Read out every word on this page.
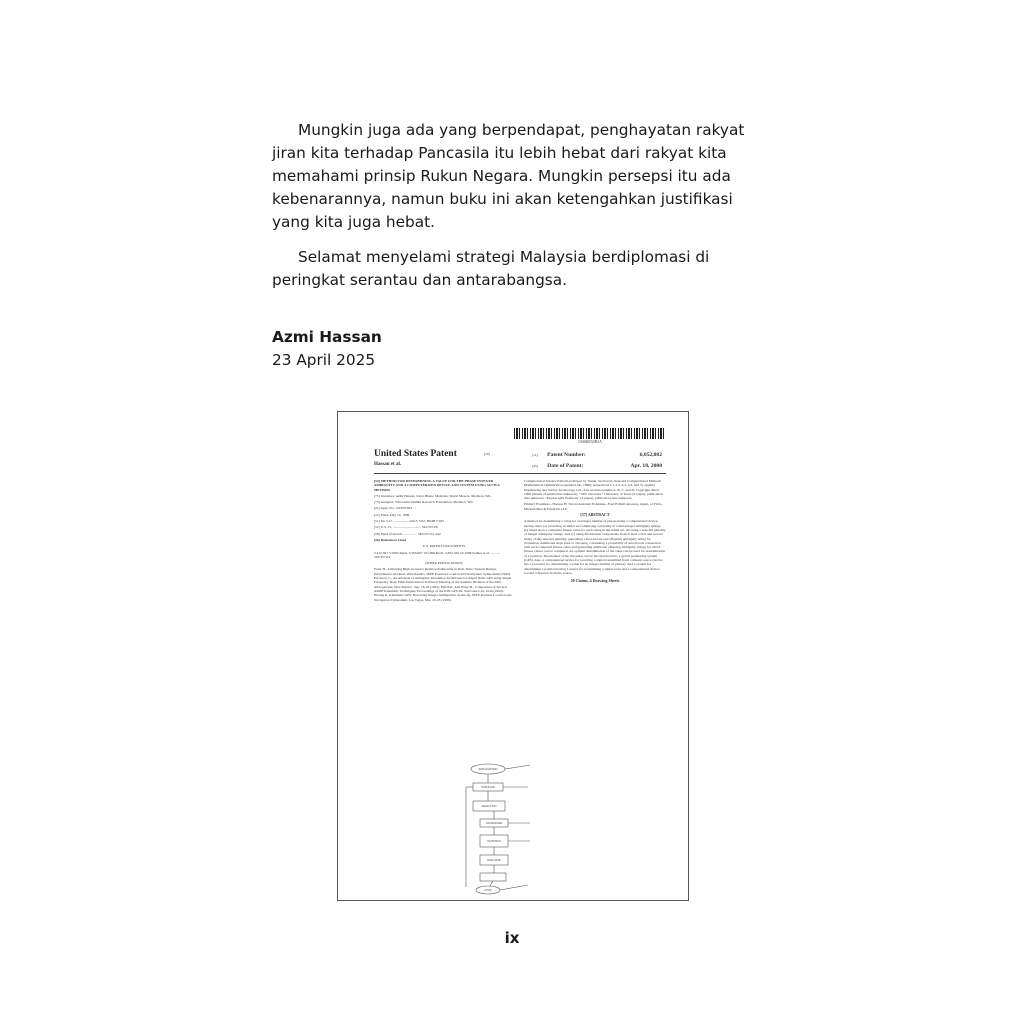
Mungkin juga ada yang berpendapat, penghayatan rakyat jiran kita terhadap Pancasila itu lebih hebat dari rakyat kita memahami prinsip Rukun Negara. Mungkin persepsi itu ada kebenarannya, namun buku ini akan ketengahkan justifikasi yang kita juga hebat.

Selamat menyelami strategi Malaysia berdiplomasi di peringkat serantau dan antarabangsa.

Azmi Hassan
23 April 2025
US006052082A
United States Patent	[19]
Hassan et al.
[11] Patent Number:	6,052,082
[45] Date of Patent:	Apr. 18, 2000
[54] METHOD FOR DETERMINING A VALUE FOR THE PHASE INTEGER AMBIGUITY AND A COMPUTERIZED DEVICE AND SYSTEM USING SUCH A METHOD
[75] Inventors: Azmi Hassan, Johor Bharu, Malaysia; David Mesera, Madison, Wis.
[73] Assignee: Wisconsin Alumni Research Foundation, Madison, Wis.
[21] Appl. No.: 09/079,823
[22] Filed: May 14, 1998
[51] Int. Cl.7 .................. G01S 5/02; H04B 7/185
[52] U.S. Cl. ................................ 342/357.06
[58] Field of Search ................ 342/357.04, 442
[56] References Cited
U.S. PATENT DOCUMENTS
5,412,391 5/1995 Ruch. 5,563,607 10/1996 Ruch. 5,825,326 10/1998 Semler et al. ........... 342/357.04
OTHER PUBLICATIONS
Euler H., Achieving High Accuracy Relative Positioning in Real-Time: System Design, Performance and Real-Time Results, IEEE Position Location and Navigation Symposium (1994). Erickson, C., An Analysis of Ambiguity Resolution Techniques for Rapid Static GPS using Single Frequency Data, Fifth International Technical Meeting of the Satellite Division of the ION, Albuquerque, New Mexico, Sep. 16-18 (1992). Hatch R. And Euler H., Comparison of Several AROF Kinematic Techniques, Proceedings of the ION GPS-94, Salt Lake City, Utah (1994). Hwang P., Kinematic GPS: Resolving Integer Ambiguities on-the-fly, IEEE Position Location and Navigation Symposium, Las Vegas, Mar. 20-23 (1990).
Computational Science Education Project by Inside, Section D--Selected Computational Methods Mathematical Optimization (updated Jan. 1996); subsections 1.1-1.3, 4.2, 4.3, and 5). Quality Engineering and Survey Technology Ltd., four sections labeled A, B, C, and D; Copyright dated 1996 (month of publication unknown). "GPS Overview" University of Texas (9 pages), publication date unknown. "Precise GPS Positions" (3 pages), publication date unknown.
Primary Examiner--Theresa H. Tarcza Assistant Examiner--Fred H Mull Attorney, Agent, or Firm--Michael Best & Friedrich LLP
[57] ABSTRACT
A method for determining a value for an integer number of phases using a computerized device, having steps: (a) providing an initial set comprising a plurality of coded integer ambiguity strings, (b) based upon a computed fitness value for each string in the initial set, choosing a selected plurality of integer ambiguity strings, and, (c) using information components from at least a first and second string of this selected plurality, generating a first and second offspring ambiguity string for evaluation. Additional steps prior to choosing, calculating a probability of selection in connection with each computed fitness value and generating additional offspring ambiguity strings for which fitness values can be computed. An optimal determination of the value can be used for determination of a position. The method of the invention can be incorporated into a global positioning system (GPS). Also, a computerized device for receiving a signal transmitted from a distant source (device has a processor for determining a value for an integer number of phases). And a system for determining a position having a source for transmitting a signal wave and a computerized device, located a distance from the source.
20 Claims, 4 Drawing Sheets
INITIALIZATION
POPULATE
SELECTION
CROSSOVER
MUTATION
EVALUATE
STOP
ix
